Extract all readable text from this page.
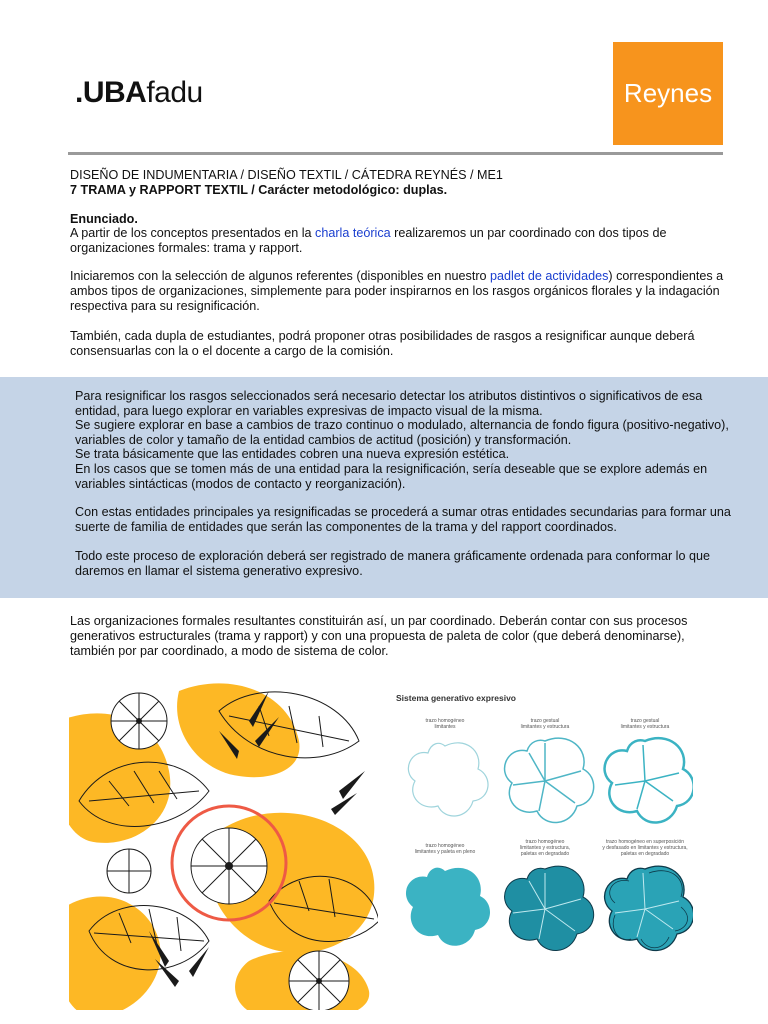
.UBAfadu	Reynes
DISEÑO DE INDUMENTARIA / DISEÑO TEXTIL / CÁTEDRA REYNÉS / ME1
7 TRAMA y RAPPORT TEXTIL / Carácter metodológico: duplas.
Enunciado.
A partir de los conceptos presentados en la charla teórica realizaremos un par coordinado con dos tipos de organizaciones formales: trama y rapport.
Iniciaremos con la selección de algunos referentes (disponibles en nuestro padlet de actividades) correspondientes a ambos tipos de organizaciones, simplemente para poder inspirarnos en los rasgos orgánicos florales y la indagación respectiva para su resignificación.
También, cada dupla de estudiantes, podrá proponer otras posibilidades de rasgos a resignificar aunque deberá consensuarlas con la o el docente a cargo de la comisión.
Para resignificar los rasgos seleccionados será necesario detectar los atributos distintivos o significativos de esa entidad, para luego explorar en variables expresivas de impacto visual de la misma.
Se sugiere explorar en base a cambios de trazo continuo o modulado, alternancia de fondo figura (positivo-negativo), variables de color y tamaño de la entidad cambios de actitud (posición) y transformación.
Se trata básicamente que las entidades cobren una nueva expresión estética.
En los casos que se tomen más de una entidad para la resignificación, sería deseable que se explore además en variables sintácticas (modos de contacto y reorganización).
Con estas entidades principales ya resignificadas se procederá a sumar otras entidades secundarias para formar una suerte de familia de entidades que serán las componentes de la trama y del rapport coordinados.
Todo este proceso de exploración deberá ser registrado de manera gráficamente ordenada para conformar lo que daremos en llamar el sistema generativo expresivo.
Las organizaciones formales resultantes constituirán así, un par coordinado. Deberán contar con sus procesos generativos estructurales (trama y rapport) y con una propuesta de paleta de color (que deberá denominarse), también por par coordinado, a modo de sistema de color.
Sistema generativo expresivo
trazo homogéneo
limitantes
trazo gestual
limitantes y estructura
trazo gestual
limitantes y estructura
trazo homogéneo
limitantes y paleta en pleno
trazo homogéneo
limitantes y estructura,
paletas en degradado
trazo homogéneo en superposición
y desfasado en limitantes y estructura,
paletas en degradado
